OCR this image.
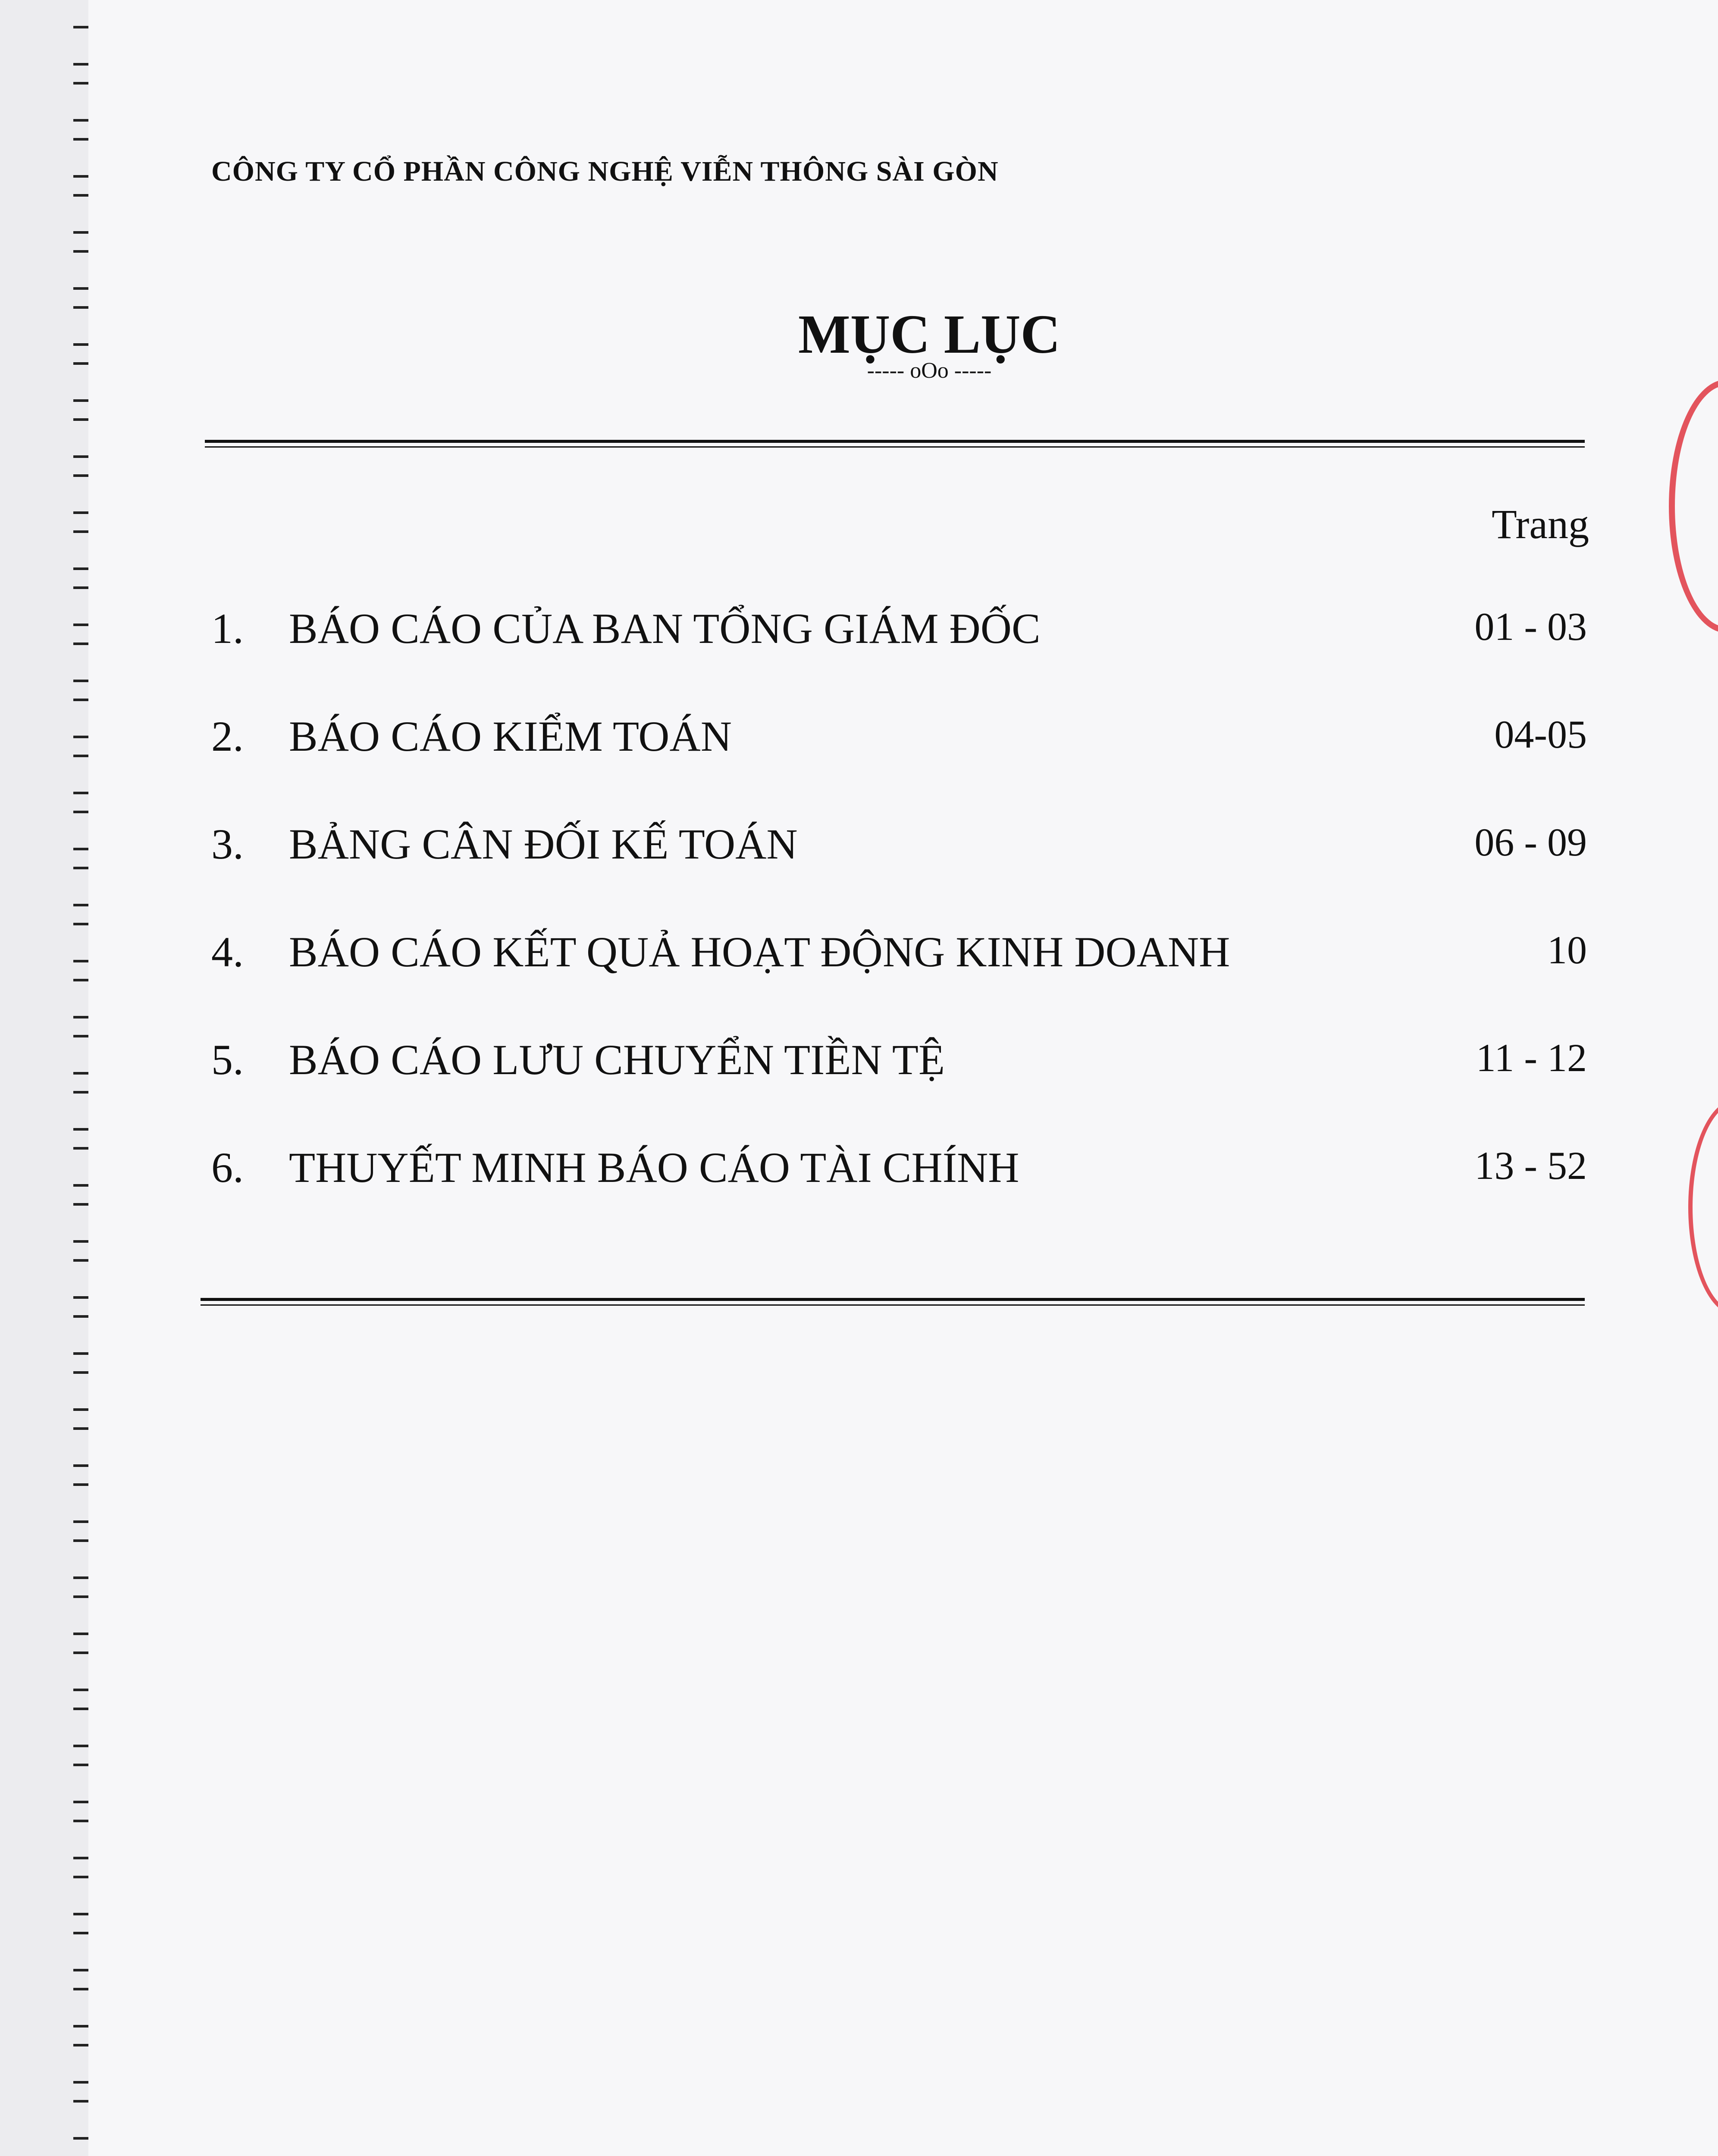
CÔNG TY CỔ PHẦN CÔNG NGHỆ VIỄN THÔNG SÀI GÒN
MỤC LỤC
----- oOo -----
Trang
1. BÁO CÁO CỦA BAN TỔNG GIÁM ĐỐC	01 - 03
2. BÁO CÁO KIỂM TOÁN	04-05
3. BẢNG CÂN ĐỐI KẾ TOÁN	06 - 09
4. BÁO CÁO KẾT QUẢ HOẠT ĐỘNG KINH DOANH	10
5. BÁO CÁO LƯU CHUYỂN TIỀN TỆ	11 - 12
6. THUYẾT MINH BÁO CÁO TÀI CHÍNH	13 - 52
